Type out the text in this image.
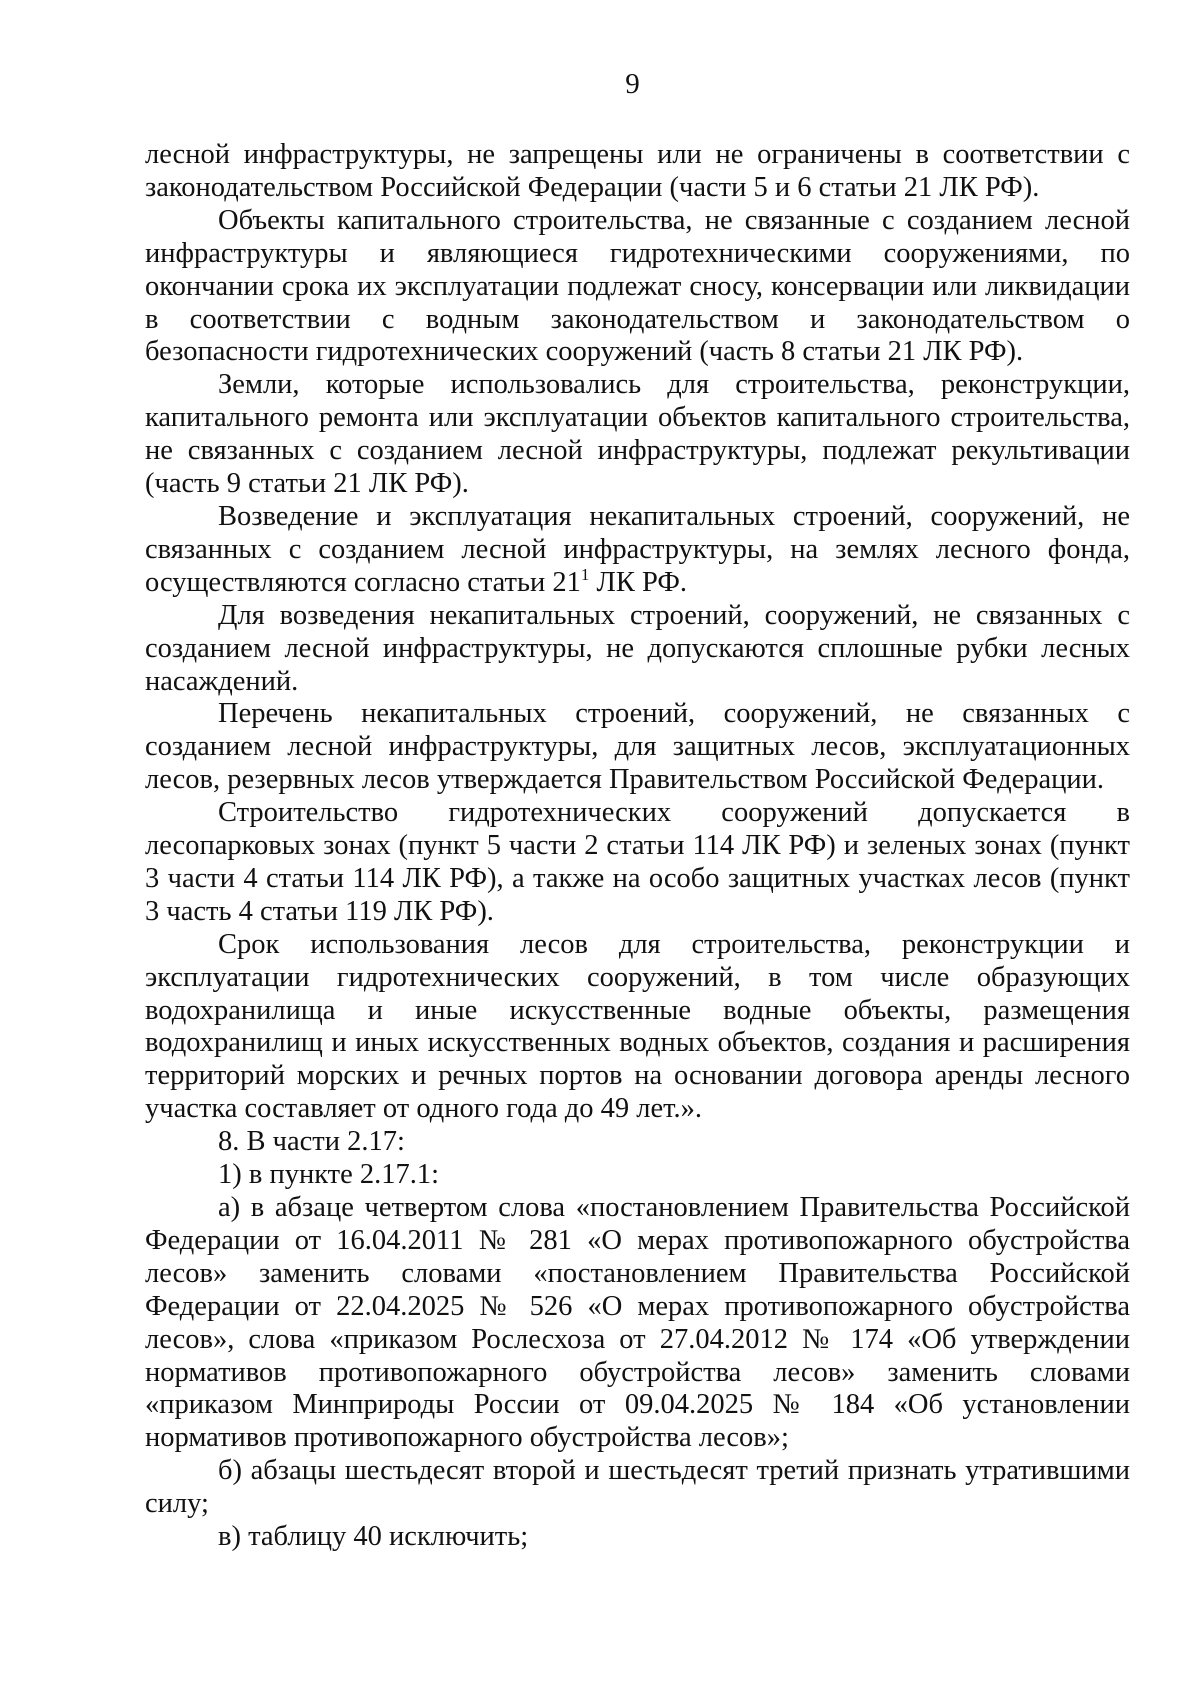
9

лесной инфраструктуры, не запрещены или не ограничены в соответствии с законодательством Российской Федерации (части 5 и 6 статьи 21 ЛК РФ).

Объекты капитального строительства, не связанные с созданием лесной инфраструктуры и являющиеся гидротехническими сооружениями, по окончании срока их эксплуатации подлежат сносу, консервации или ликвидации в соответствии с водным законодательством и законодательством о безопасности гидротехнических сооружений (часть 8 статьи 21 ЛК РФ).

Земли, которые использовались для строительства, реконструкции, капитального ремонта или эксплуатации объектов капитального строительства, не связанных с созданием лесной инфраструктуры, подлежат рекультивации (часть 9 статьи 21 ЛК РФ).

Возведение и эксплуатация некапитальных строений, сооружений, не связанных с созданием лесной инфраструктуры, на землях лесного фонда, осуществляются согласно статьи $21^1$ ЛК РФ.

Для возведения некапитальных строений, сооружений, не связанных с созданием лесной инфраструктуры, не допускаются сплошные рубки лесных насаждений.

Перечень некапитальных строений, сооружений, не связанных с созданием лесной инфраструктуры, для защитных лесов, эксплуатационных лесов, резервных лесов утверждается Правительством Российской Федерации.

Строительство гидротехнических сооружений допускается в лесопарковых зонах (пункт 5 части 2 статьи 114 ЛК РФ) и зеленых зонах (пункт 3 части 4 статьи 114 ЛК РФ), а также на особо защитных участках лесов (пункт 3 часть 4 статьи 119 ЛК РФ).

Срок использования лесов для строительства, реконструкции и эксплуатации гидротехнических сооружений, в том числе образующих водохранилища и иные искусственные водные объекты, размещения водохранилищ и иных искусственных водных объектов, создания и расширения территорий морских и речных портов на основании договора аренды лесного участка составляет от одного года до 49 лет.».

8. В части 2.17:

1) в пункте 2.17.1:

а) в абзаце четвертом слова «постановлением Правительства Российской Федерации от 16.04.2011 № 281 «О мерах противопожарного обустройства лесов» заменить словами «постановлением Правительства Российской Федерации от 22.04.2025 № 526 «О мерах противопожарного обустройства лесов», слова «приказом Рослесхоза от 27.04.2012 № 174 «Об утверждении нормативов противопожарного обустройства лесов» заменить словами «приказом Минприроды России от 09.04.2025 № 184 «Об установлении нормативов противопожарного обустройства лесов»;

б) абзацы шестьдесят второй и шестьдесят третий признать утратившими силу;

в) таблицу 40 исключить;
